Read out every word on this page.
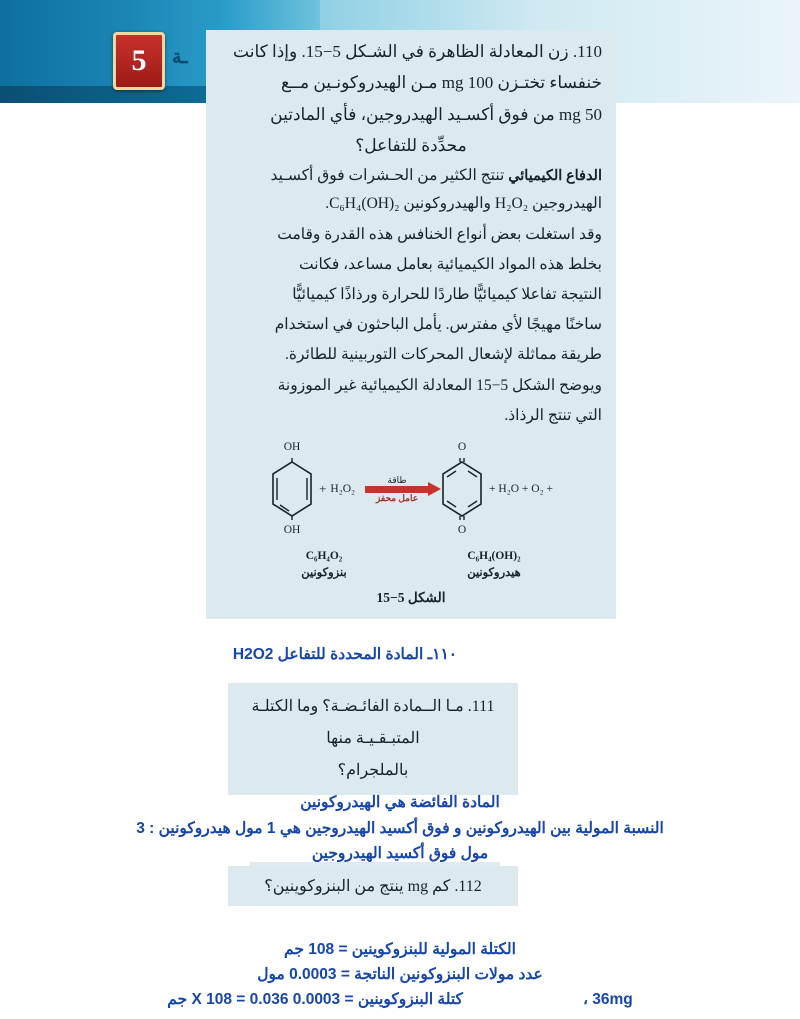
5	ـة	110. زن المعادلة الظاهرة في الشـكل 5−15. وإذا كانت
خنفساء تختـزن 100 mg مـن الهيدروكونـين مــع
50 mg من فوق أكسـيد الهيدروجين، فأي المادتين
محدِّدة للتفاعل؟
الدفاع الكيميائي تنتج الكثير من الحـشرات فوق أكسـيد
الهيدروجين H₂O₂ والهيدروكونين C₆H₄(OH)₂.
وقد استغلت بعض أنواع الخنافس هذه القدرة وقامت
بخلط هذه المواد الكيميائية بعامل مساعد، فكانت
النتيجة تفاعلا كيميائيًّا طاردًا للحرارة ورذاذًا كيميائيًّا
ساخنًا مهيجًا لأي مفترس. يأمل الباحثون في استخدام
طريقة مماثلة لإشعال المحركات التوربينية للطائرة.
ويوضح الشكل 5−15 المعادلة الكيميائية غير الموزونة
التي تنتج الرذاذ.
OH
OH
+ H₂O₂
طاقة
عامل محفز
O
O
+ H₂O + O₂ +
C₆H₄O₂
بنزوكونين
C₆H₄(OH)₂
هيدروكونين
الشكل 5−15
١١٠ـ المادة المحددة للتفاعل H2O2
111. مـا الــمادة الفائـضـة؟ وما الكتلـة المتبـقـيـة منها
بالملجرام؟
المادة الفائضة هي الهيدروكونين
النسبة المولية بين الهيدروكونين و فوق أكسيد الهيدروجين هي 1 مول هيدروكونين : 3
مول فوق أكسيد الهيدروجين
112. كم mg ينتج من البنزوكوينين؟
الكتلة المولية للبنزوكوينين = 108 جم
عدد مولات البنزوكونين الناتجة = 0.0003 مول
36mg ،
كتلة البنزوكوينين = 0.0003 X 108 = 0.036 جم
